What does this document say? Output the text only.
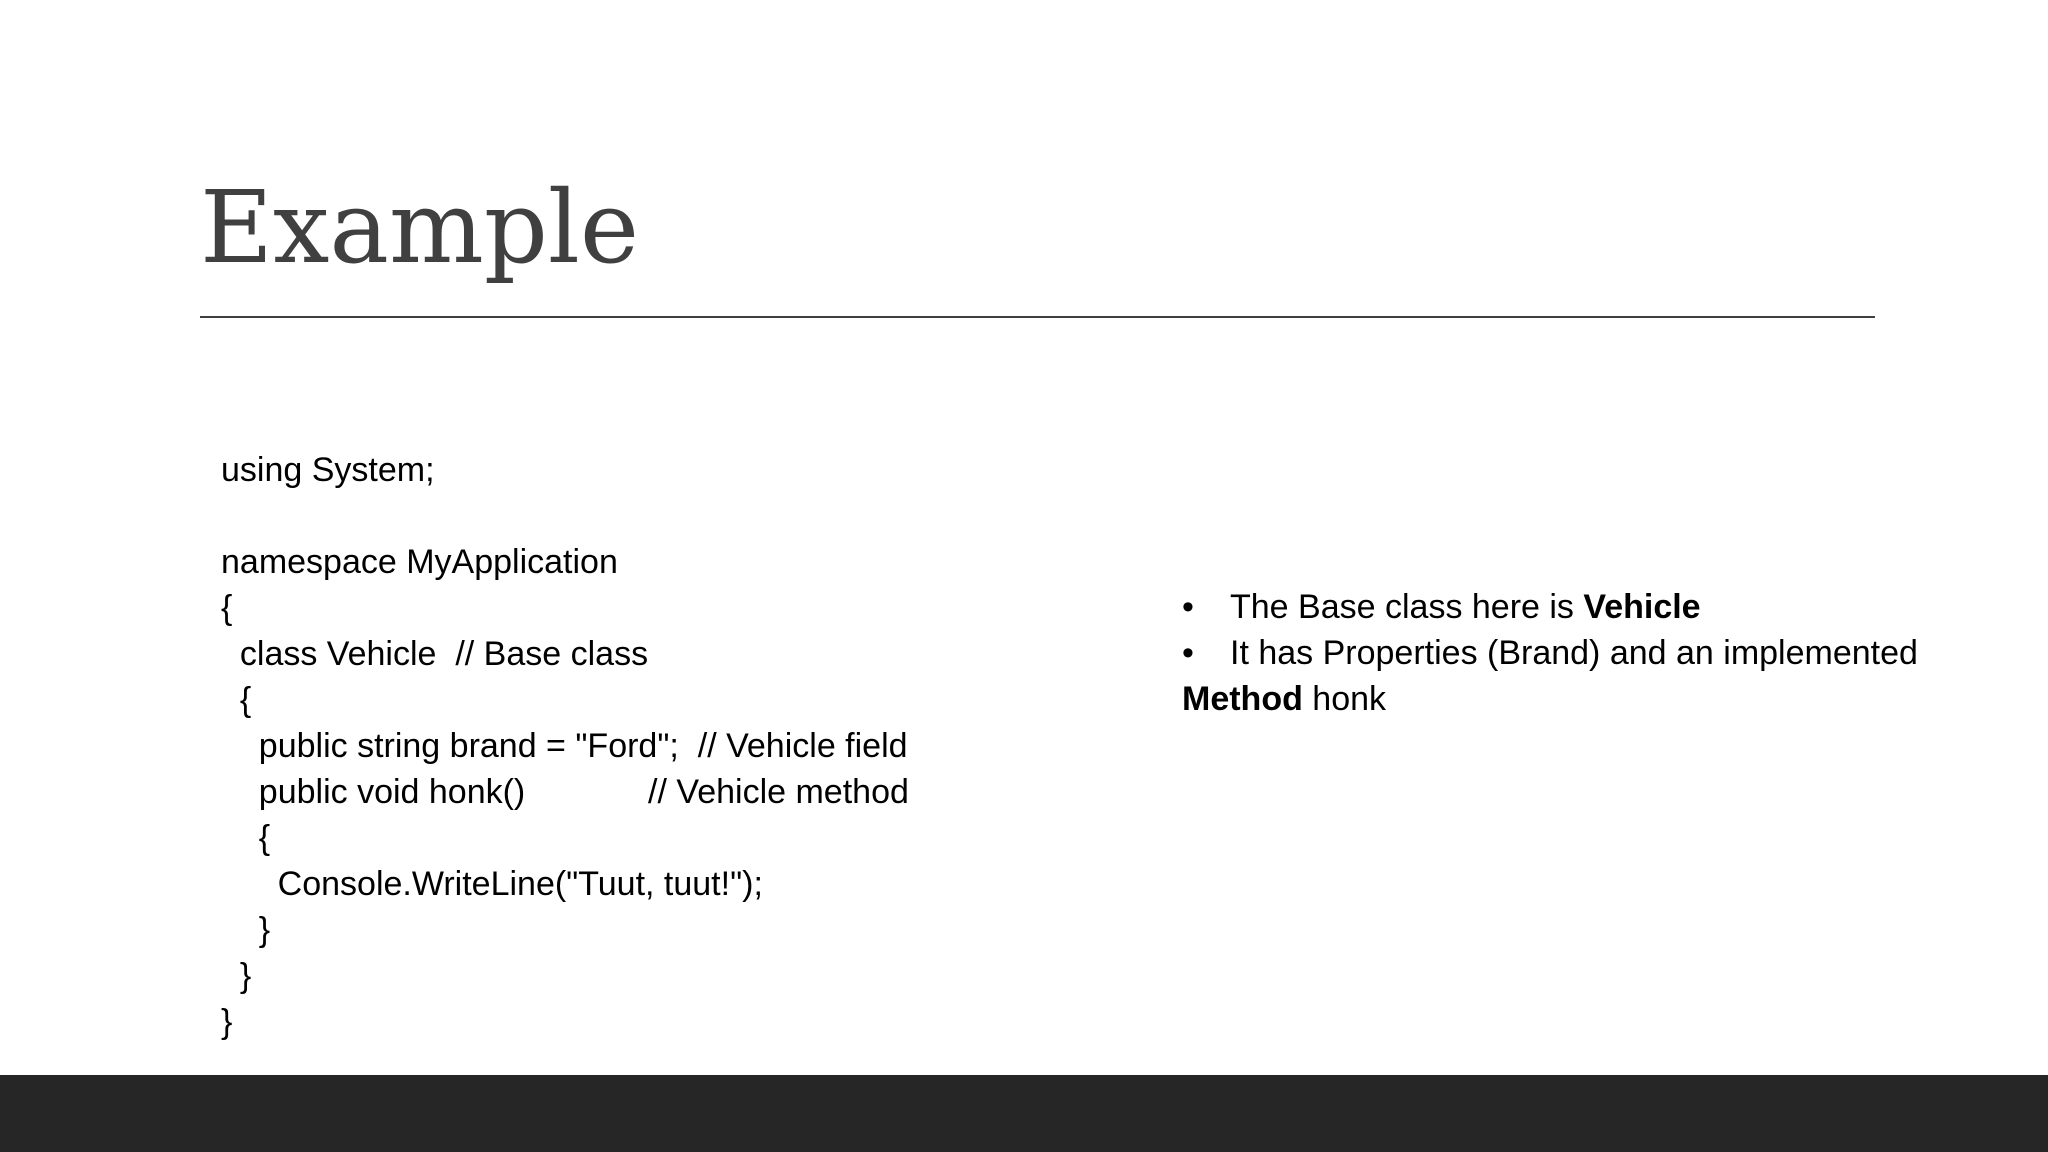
Example

using System;
namespace MyApplication
{
class Vehicle  // Base class
{
public string brand = "Ford";  // Vehicle field
public void honk()             // Vehicle method
{
Console.WriteLine("Tuut, tuut!");
}
}
}

• The Base class here is Vehicle
• It has Properties (Brand) and an implemented Method honk
